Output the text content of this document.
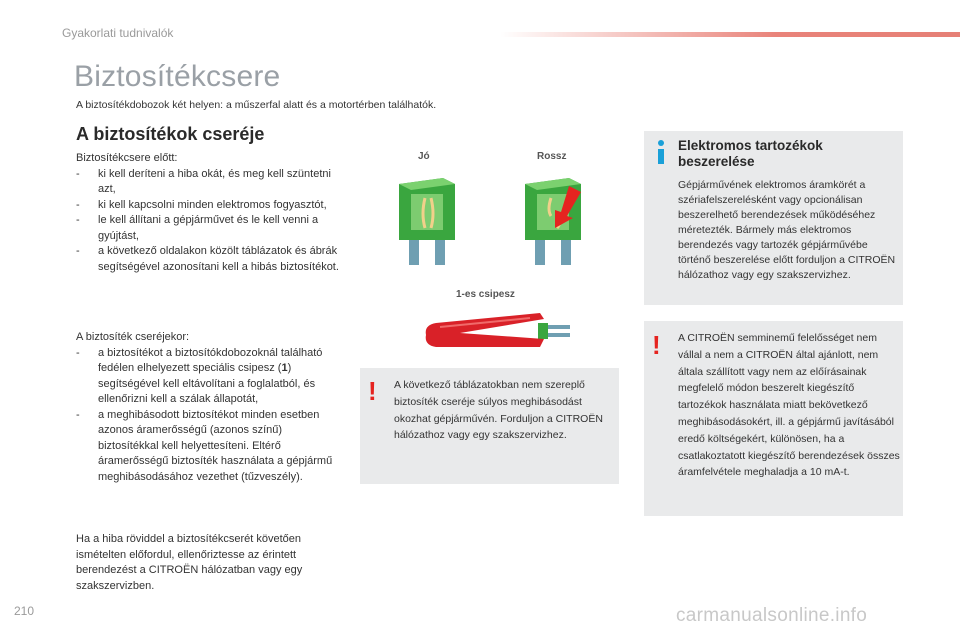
Gyakorlati tudnivalók
Biztosítékcsere
A biztosítékdobozok két helyen: a műszerfal alatt és a motortérben találhatók.
A biztosítékok cseréje
Biztosítékcsere előtt:
- ki kell deríteni a hiba okát, és meg kell szüntetni azt,
- ki kell kapcsolni minden elektromos fogyasztót,
- le kell állítani a gépjárművet és le kell venni a gyújtást,
- a következő oldalakon közölt táblázatok és ábrák segítségével azonosítani kell a hibás biztosítékot.
A biztosíték cseréjekor:
- a biztosítékot a biztosítókdobozoknál található fedélen elhelyezett speciális csipesz (1) segítségével kell eltávolítani a foglalatból, és ellenőrizni kell a szálak állapotát,
- a meghibásodott biztosítékot minden esetben azonos áramerősségű (azonos színű) biztosítékkal kell helyettesíteni. Eltérő áramerősségű biztosíték használata a gépjármű meghibásodásához vezethet (tűzveszély).
Ha a hiba röviddel a biztosítékcserét követően ismételten előfordul, ellenőriztesse az érintett berendezést a CITROËN hálózatban vagy egy szakszervizben.
Jó	Rossz
1-es csipesz
! A következő táblázatokban nem szereplő biztosíték cseréje súlyos meghibásodást okozhat gépjárművén. Forduljon a CITROËN hálózathoz vagy egy szakszervizhez.
Elektromos tartozékok beszerelése
Gépjárművének elektromos áramkörét a szériafelszerelésként vagy opcionálisan beszerelhető berendezések működéséhez méretezték. Bármely más elektromos berendezés vagy tartozék gépjárművébe történő beszerelése előtt forduljon a CITROËN hálózathoz vagy egy szakszervizhez.
! A CITROËN semminemű felelősséget nem vállal a nem a CITROËN által ajánlott, nem általa szállított vagy nem az előírásainak megfelelő módon beszerelt kiegészítő tartozékok használata miatt bekövetkező meghibásodásokért, ill. a gépjármű javításából eredő költségekért, különösen, ha a csatlakoztatott kiegészítő berendezések összes áramfelvétele meghaladja a 10 mA-t.
210	carmanualsonline.info
